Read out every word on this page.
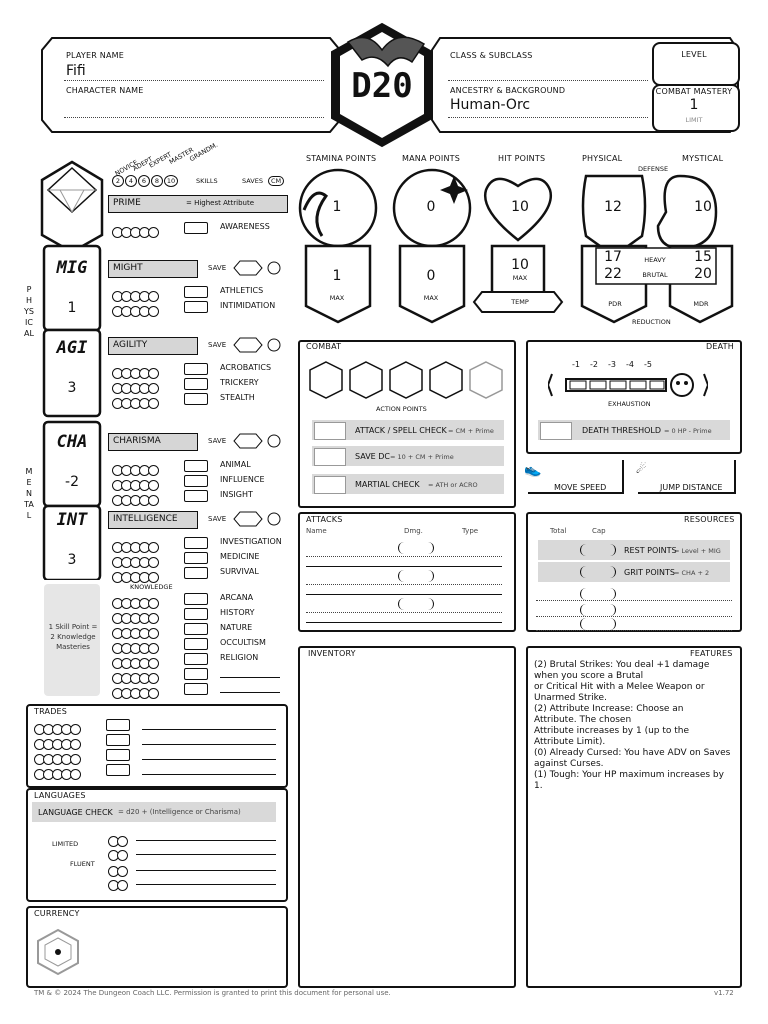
PLAYER NAME
Fifi
CHARACTER NAME	D20
CLASS & SUBCLASS
ANCESTRY & BACKGROUND
Human-Orc
LEVEL
COMBAT MASTERY
1
LIMIT
NOVICE
ADEPT
EXPERT
MASTER
GRANDM.
2	4	6	8	10	SKILLS	SAVES	CM
1 Skill Point = 2 Knowledge Masteries
PHYSICAL
MENTAL
MIG
1
AGI
3
CHA
-2
INT
3
PRIME	= Highest Attribute
AWARENESS
ATHLETICS
INTIMIDATION
ACROBATICS
TRICKERY
STEALTH
ANIMAL
INFLUENCE
INSIGHT
INVESTIGATION
MEDICINE
SURVIVAL
ARCANA
HISTORY
NATURE
OCCULTISM
RELIGION
MIGHT	SAVE
AGILITY	SAVE
CHARISMA	SAVE
INTELLIGENCE	SAVE
KNOWLEDGE
TRADES
LANGUAGES
LANGUAGE CHECK = d20 + (Intelligence or Charisma)
LIMITED
FLUENT
CURRENCY
STAMINA POINTS	MANA POINTS	HIT POINTS	PHYSICAL	MYSTICAL
DEFENSE
1
1
MAX
0
0
MAX
10
10
MAX
TEMP
12	10
17	HEAVY	15
22	BRUTAL	20
PDR	MDR
REDUCTION
COMBAT
ACTION POINTS
ATTACK / SPELL CHECK = CM + Prime
SAVE DC = 10 + CM + Prime
MARTIAL CHECK = ATH or ACRO
DEATH
-1 -2 -3 -4 -5
EXHAUSTION
DEATH THRESHOLD = 0 HP - Prime
👟
MOVE SPEED
☄
JUMP DISTANCE
ATTACKS
Name	Dmg.	Type
RESOURCES
Total	Cap
REST POINTS
= Level + MIG
GRIT POINTS = CHA + 2
INVENTORY	FEATURES
(2) Brutal Strikes: You deal +1 damage
when you score a Brutal
or Critical Hit with a Melee Weapon or
Unarmed Strike.
(2) Attribute Increase: Choose an
Attribute. The chosen
Attribute increases by 1 (up to the
Attribute Limit).
(0) Already Cursed: You have ADV on Saves
against Curses.
(1) Tough: Your HP maximum increases by
1.
TM & © 2024 The Dungeon Coach LLC. Permission is granted to print this document for personal use.	v1.72
